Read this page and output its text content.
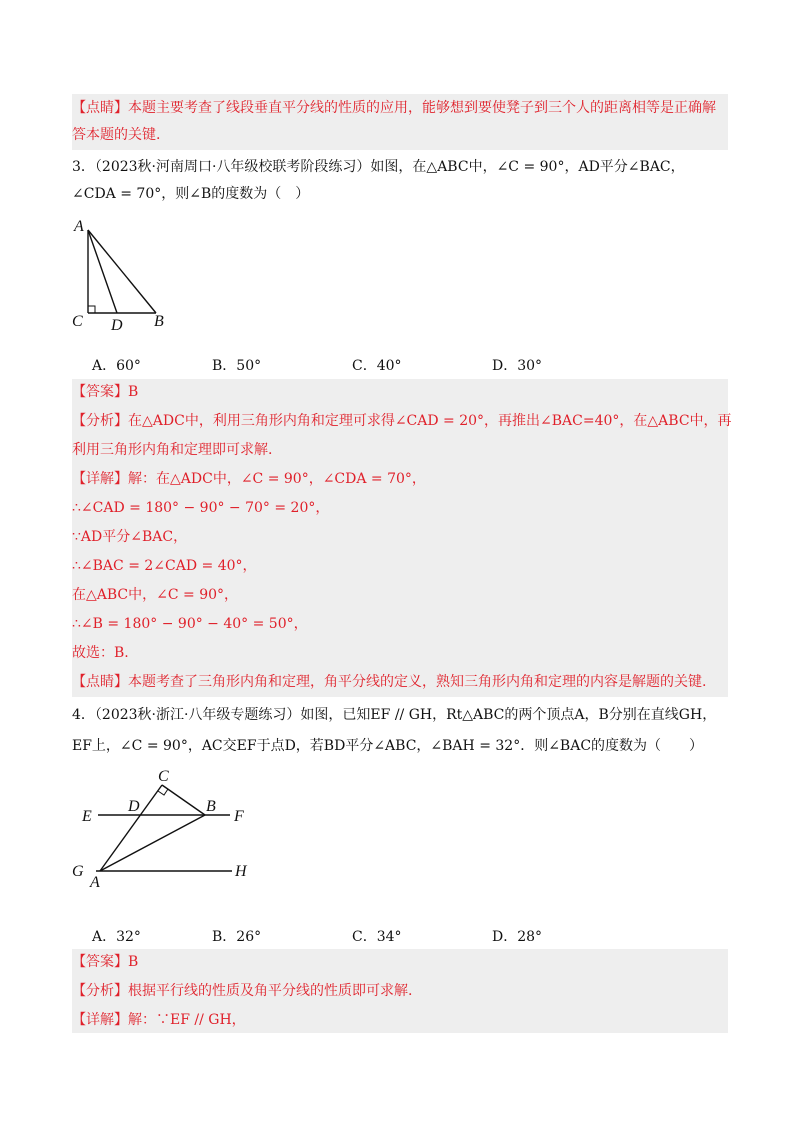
【点睛】本题主要考查了线段垂直平分线的性质的应用，能够想到要使凳子到三个人的距离相等是正确解答本题的关键.
3．（2023秋·河南周口·八年级校联考阶段练习）如图，在△ABC中，∠C = 90°，AD平分∠BAC，
∠CDA = 70°，则∠B的度数为（　）
A
C D B
A．60°	B．50°	C．40°	D．30°
【答案】B
【分析】在△ADC中，利用三角形内角和定理可求得∠CAD = 20°，再推出∠BAC=40°，在△ABC中，再
利用三角形内角和定理即可求解.
【详解】解：在△ADC中，∠C = 90°，∠CDA = 70°，
∴∠CAD = 180° − 90° − 70° = 20°，
∵AD平分∠BAC，
∴∠BAC = 2∠CAD = 40°，
在△ABC中，∠C = 90°，
∴∠B = 180° − 90° − 40° = 50°，
故选：B.
【点睛】本题考查了三角形内角和定理，角平分线的定义，熟知三角形内角和定理的内容是解题的关键.
4．（2023秋·浙江·八年级专题练习）如图，已知EF // GH，Rt△ABC的两个顶点A，B分别在直线GH，
EF上，∠C = 90°，AC交EF于点D，若BD平分∠ABC，∠BAH = 32°．则∠BAC的度数为（　　）
C
E
D	B
F
G
A
H
A．32°	B．26°	C．34°	D．28°
【答案】B
【分析】根据平行线的性质及角平分线的性质即可求解.
【详解】解：∵EF // GH，
